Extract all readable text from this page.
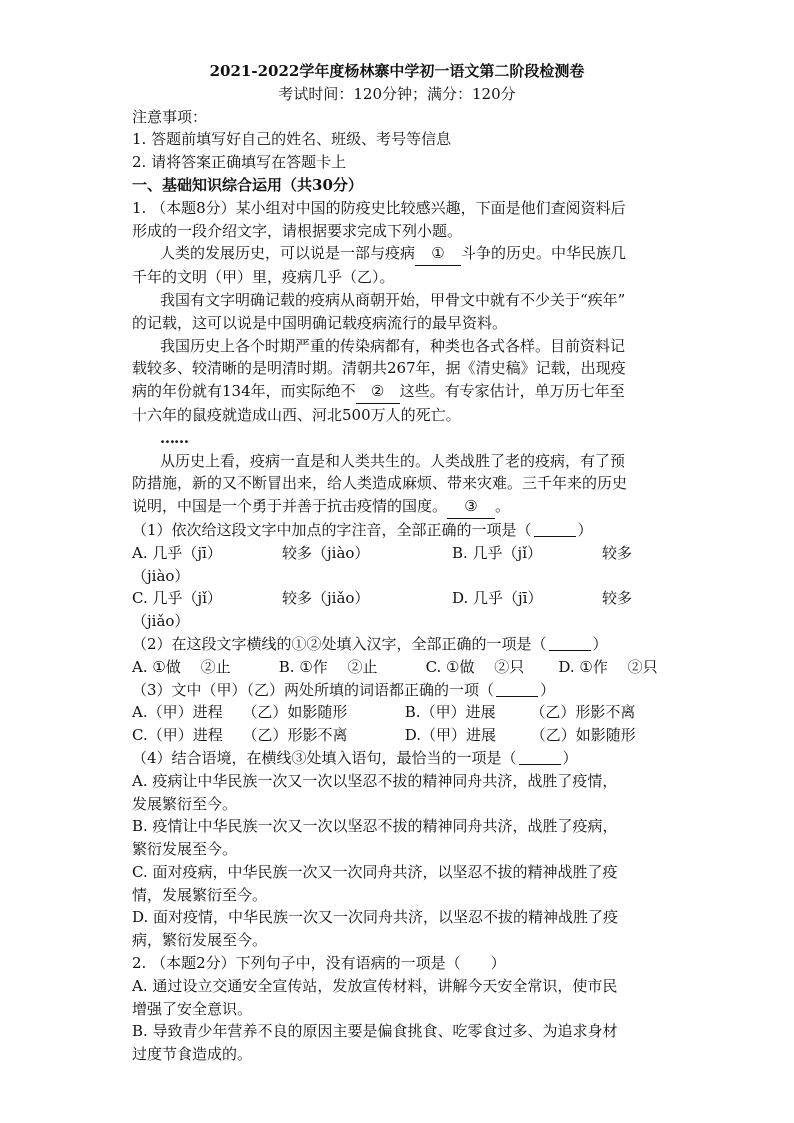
2021-2022学年度杨林寨中学初一语文第二阶段检测卷
考试时间：120分钟；满分：120分
注意事项：
1. 答题前填写好自己的姓名、班级、考号等信息
2. 请将答案正确填写在答题卡上
一、基础知识综合运用（共30分）
1. （本题8分）某小组对中国的防疫史比较感兴趣，下面是他们查阅资料后
形成的一段介绍文字，请根据要求完成下列小题。
人类的发展历史，可以说是一部与疫病 ① 斗争的历史。中华民族几
千年的文明（甲）里，疫病几乎（乙）。
我国有文字明确记载的疫病从商朝开始，甲骨文中就有不少关于“疾年”
的记载，这可以说是中国明确记载疫病流行的最早资料。
我国历史上各个时期严重的传染病都有，种类也各式各样。目前资料记
载较多、较清晰的是明清时期。清朝共267年，据《清史稿》记载，出现疫
病的年份就有134年，而实际绝不 ② 这些。有专家估计，单万历七年至
十六年的鼠疫就造成山西、河北500万人的死亡。
……
从历史上看，疫病一直是和人类共生的。人类战胜了老的疫病，有了预
防措施，新的又不断冒出来，给人类造成麻烦、带来灾难。三千年来的历史
说明，中国是一个勇于并善于抗击疫情的国度。 ③ 。
（1）依次给这段文字中加点的字注音，全部正确的一项是（	）
A. 几乎（jī）	较多（jiào）	B. 几乎（jǐ）	较多
（jiào）
C. 几乎（jǐ）	较多（jiǎo）	D. 几乎（jī）	较多
（jiǎo）
（2）在这段文字横线的①②处填入汉字，全部正确的一项是（	）
A. ①做　 ②止	B. ①作　 ②止	C. ①做　 ②只 D. ①作　 ②只
（3）文中（甲）（乙）两处所填的词语都正确的一项（	）
A.（甲）进程　 （乙）如影随形	B.（甲）进展　　 （乙）形影不离
C.（甲）进程　 （乙）形影不离	D.（甲）进展　　 （乙）如影随形
（4）结合语境，在横线③处填入语句，最恰当的一项是（	）
A. 疫病让中华民族一次又一次以坚忍不拔的精神同舟共济，战胜了疫情，
发展繁衍至今。
B. 疫情让中华民族一次又一次以坚忍不拔的精神同舟共济，战胜了疫病，
繁衍发展至今。
C. 面对疫病，中华民族一次又一次同舟共济，以坚忍不拔的精神战胜了疫
情，发展繁衍至今。
D. 面对疫情，中华民族一次又一次同舟共济，以坚忍不拔的精神战胜了疫
病，繁衍发展至今。
2. （本题2分）下列句子中，没有语病的一项是（　　）
A. 通过设立交通安全宣传站，发放宣传材料，讲解今天安全常识，使市民
增强了安全意识。
B. 导致青少年营养不良的原因主要是偏食挑食、吃零食过多、为追求身材
过度节食造成的。
